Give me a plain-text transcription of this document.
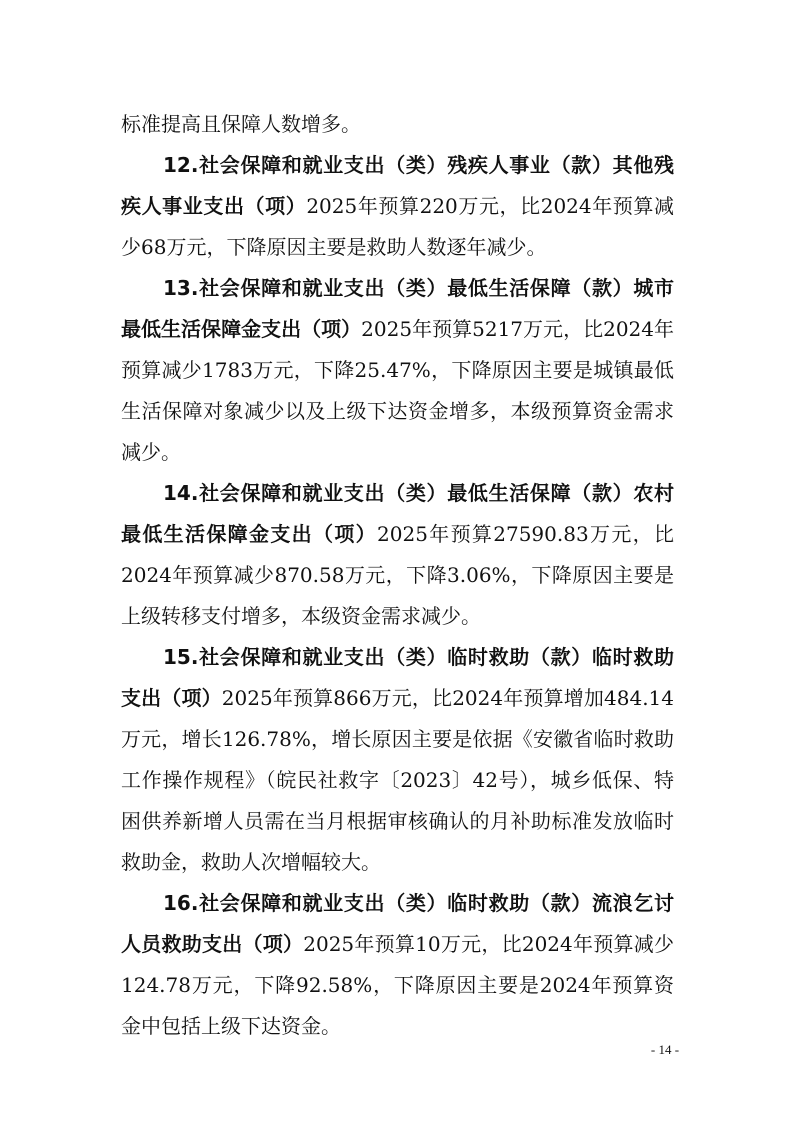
标准提高且保障人数增多。

12.社会保障和就业支出（类）残疾人事业（款）其他残疾人事业支出（项）2025年预算220万元，比2024年预算减少68万元，下降原因主要是救助人数逐年减少。

13.社会保障和就业支出（类）最低生活保障（款）城市最低生活保障金支出（项）2025年预算5217万元，比2024年预算减少1783万元，下降25.47%，下降原因主要是城镇最低生活保障对象减少以及上级下达资金增多，本级预算资金需求减少。

14.社会保障和就业支出（类）最低生活保障（款）农村最低生活保障金支出（项）2025年预算27590.83万元，比2024年预算减少870.58万元，下降3.06%，下降原因主要是上级转移支付增多，本级资金需求减少。

15.社会保障和就业支出（类）临时救助（款）临时救助支出（项）2025年预算866万元，比2024年预算增加484.14万元，增长126.78%，增长原因主要是依据《安徽省临时救助工作操作规程》（皖民社救字〔2023〕42号），城乡低保、特困供养新增人员需在当月根据审核确认的月补助标准发放临时救助金，救助人次增幅较大。

16.社会保障和就业支出（类）临时救助（款）流浪乞讨人员救助支出（项）2025年预算10万元，比2024年预算减少124.78万元，下降92.58%，下降原因主要是2024年预算资金中包括上级下达资金。

- 14 -
